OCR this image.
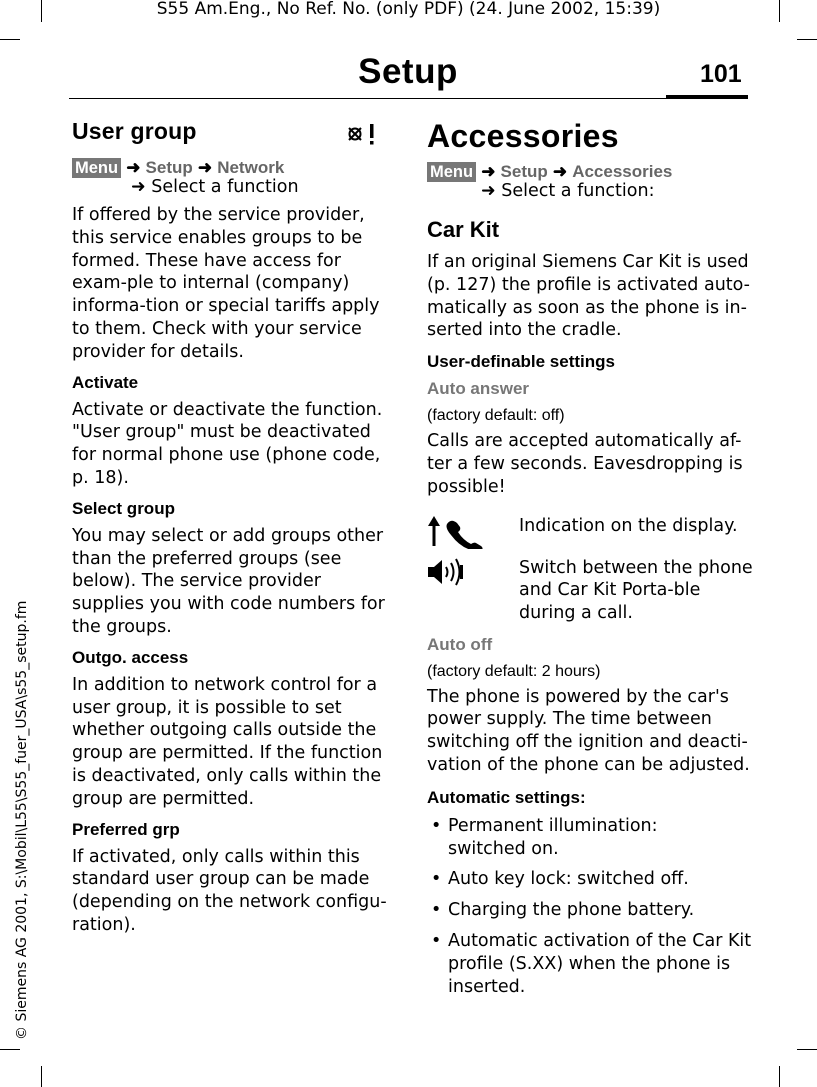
S55 Am.Eng., No Ref. No. (only PDF) (24. June 2002, 15:39)
Setup	101
© Siemens AG 2001, S:\Mobil\L55\S55_fuer_USA\s55_setup.fm
User group
Menu ➜ Setup ➜ Network
➜ Select a function

If offered by the service provider, this service enables groups to be formed. These have access for exam-ple to internal (company) informa-tion or special tariffs apply to them. Check with your service provider for details.

Activate

Activate or deactivate the function. "User group" must be deactivated for normal phone use (phone code, p. 18).

Select group

You may select or add groups other than the preferred groups (see below). The service provider supplies you with code numbers for the groups.

Outgo. access

In addition to network control for a user group, it is possible to set whether outgoing calls outside the group are permitted. If the function is deactivated, only calls within the group are permitted.

Preferred grp

If activated, only calls within this standard user group can be made (depending on the network configu-ration).

Accessories
Menu ➜ Setup ➜ Accessories
➜ Select a function:
Car Kit

If an original Siemens Car Kit is used (p. 127) the profile is activated auto-matically as soon as the phone is in-serted into the cradle.

User-definable settings

Auto answer

(factory default: off)

Calls are accepted automatically af-ter a few seconds. Eavesdropping is possible!

Indication on the display.
Switch between the phone and Car Kit Porta-ble during a call.

Auto off

(factory default: 2 hours)

The phone is powered by the car's power supply. The time between switching off the ignition and deacti-vation of the phone can be adjusted.

Automatic settings:

• Permanent illumination: switched on.
• Auto key lock: switched off.
• Charging the phone battery.
• Automatic activation of the Car Kit profile (S.XX) when the phone is inserted.
